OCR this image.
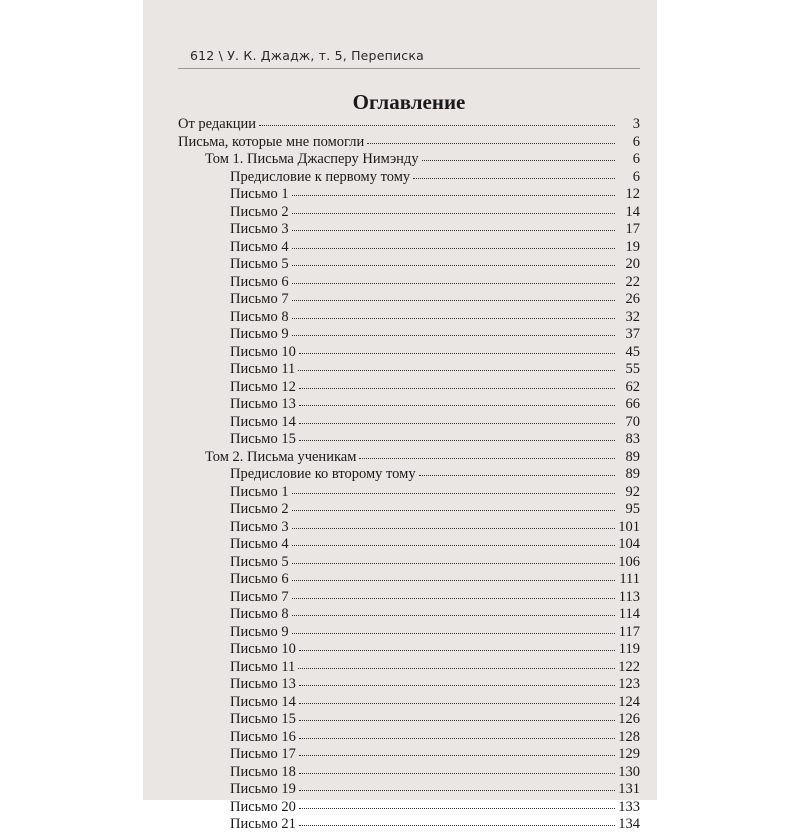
612 \ У. К. Джадж, т. 5, Переписка
Оглавление
От редакции	3
Письма, которые мне помогли	6
Том 1. Письма Джасперу Нимэнду	6
Предисловие к первому тому	6
Письмо 1	12
Письмо 2	14
Письмо 3	17
Письмо 4	19
Письмо 5	20
Письмо 6	22
Письмо 7	26
Письмо 8	32
Письмо 9	37
Письмо 10	45
Письмо 11	55
Письмо 12	62
Письмо 13	66
Письмо 14	70
Письмо 15	83
Том 2. Письма ученикам	89
Предисловие ко второму тому	89
Письмо 1	92
Письмо 2	95
Письмо 3	101
Письмо 4	104
Письмо 5	106
Письмо 6	111
Письмо 7	113
Письмо 8	114
Письмо 9	117
Письмо 10	119
Письмо 11	122
Письмо 13	123
Письмо 14	124
Письмо 15	126
Письмо 16	128
Письмо 17	129
Письмо 18	130
Письмо 19	131
Письмо 20	133
Письмо 21	134
